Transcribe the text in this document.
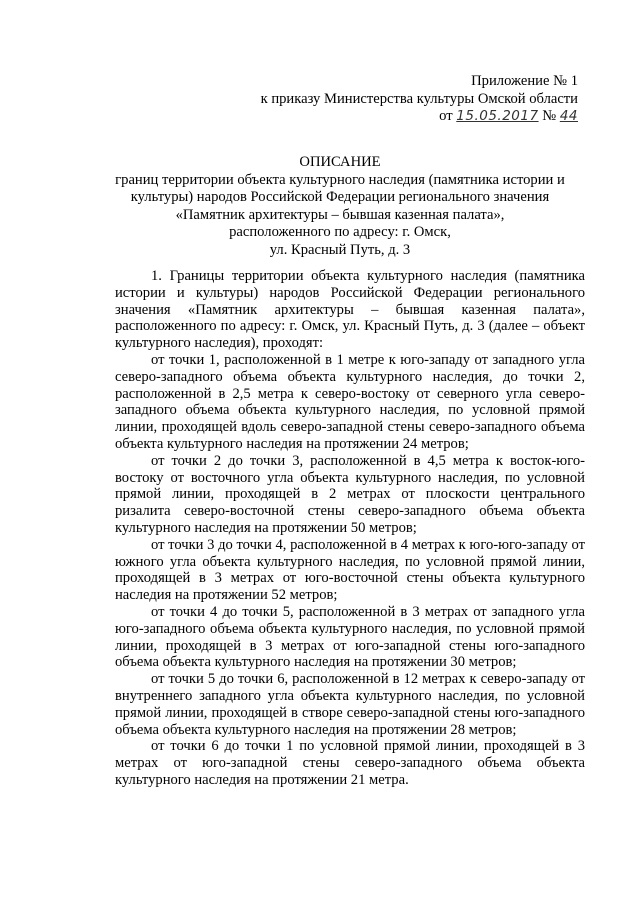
Приложение № 1
к приказу Министерства культуры Омской области
от 15.05.2017 № 44
ОПИСАНИЕ
границ территории объекта культурного наследия (памятника истории и
культуры) народов Российской Федерации регионального значения
«Памятник архитектуры – бывшая казенная палата»,
расположенного по адресу: г. Омск,
ул. Красный Путь, д. 3

1. Границы территории объекта культурного наследия (памятника истории и культуры) народов Российской Федерации регионального значения «Памятник архитектуры – бывшая казенная палата», расположенного по адресу: г. Омск, ул. Красный Путь, д. 3 (далее – объект культурного наследия), проходят:

от точки 1, расположенной в 1 метре к юго-западу от западного угла северо-западного объема объекта культурного наследия, до точки 2, расположенной в 2,5 метра к северо-востоку от северного угла северо-западного объема объекта культурного наследия, по условной прямой линии, проходящей вдоль северо-западной стены северо-западного объема объекта культурного наследия на протяжении 24 метров;

от точки 2 до точки 3, расположенной в 4,5 метра к восток-юго-востоку от восточного угла объекта культурного наследия, по условной прямой линии, проходящей в 2 метрах от плоскости центрального ризалита северо-восточной стены северо-западного объема объекта культурного наследия на протяжении 50 метров;

от точки 3 до точки 4, расположенной в 4 метрах к юго-юго-западу от южного угла объекта культурного наследия, по условной прямой линии, проходящей в 3 метрах от юго-восточной стены объекта культурного наследия на протяжении 52 метров;

от точки 4 до точки 5, расположенной в 3 метрах от западного угла юго-западного объема объекта культурного наследия, по условной прямой линии, проходящей в 3 метрах от юго-западной стены юго-западного объема объекта культурного наследия на протяжении 30 метров;

от точки 5 до точки 6, расположенной в 12 метрах к северо-западу от внутреннего западного угла объекта культурного наследия, по условной прямой линии, проходящей в створе северо-западной стены юго-западного объема объекта культурного наследия на протяжении 28 метров;

от точки 6 до точки 1 по условной прямой линии, проходящей в 3 метрах от юго-западной стены северо-западного объема объекта культурного наследия на протяжении 21 метра.
